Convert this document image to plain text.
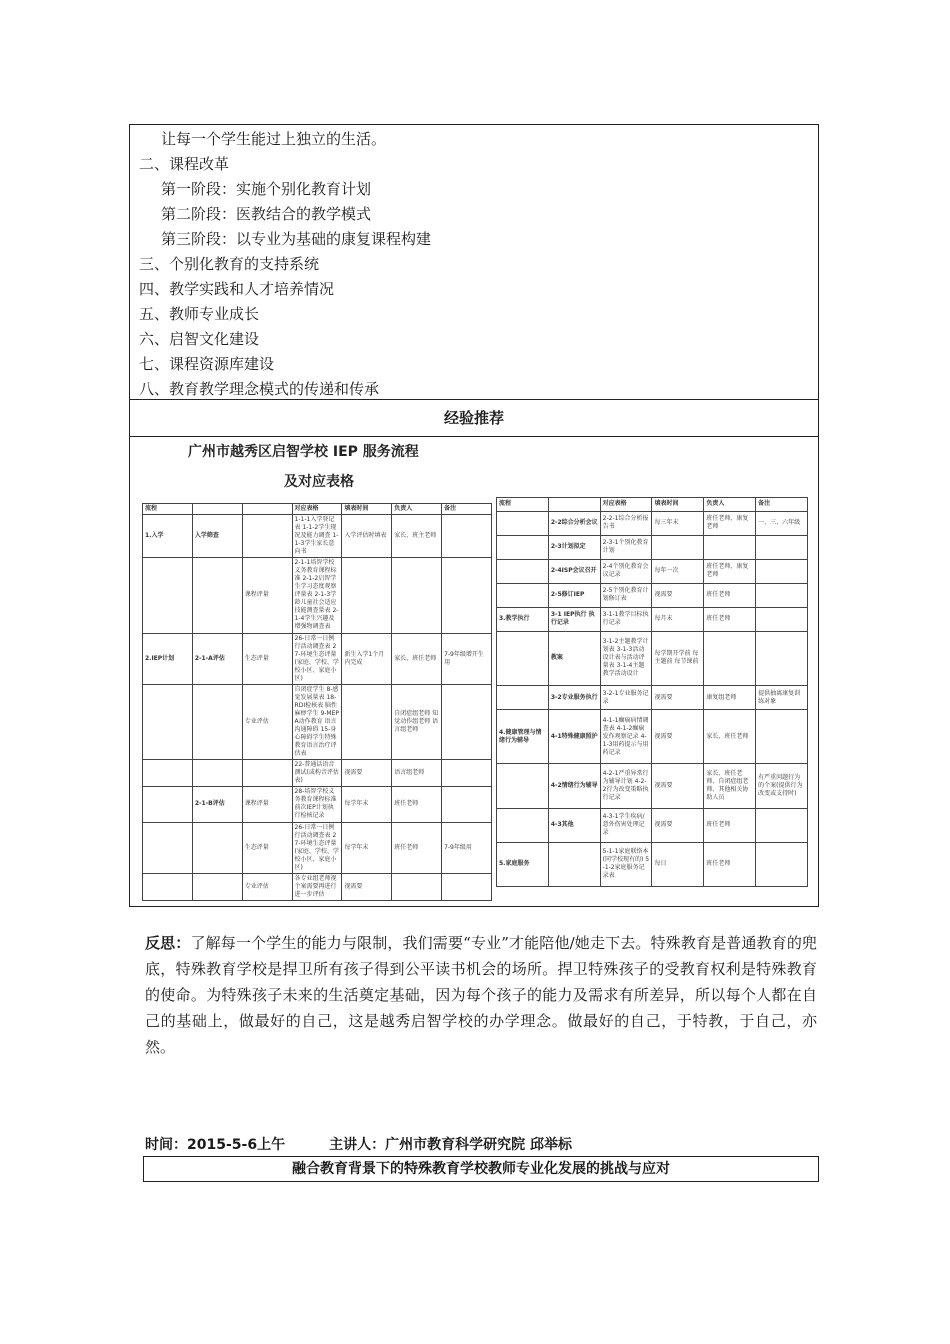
让每一个学生能过上独立的生活。
二、课程改革
第一阶段：实施个别化教育计划
第二阶段：医教结合的教学模式
第三阶段：以专业为基础的康复课程构建
三、个别化教育的支持系统
四、教学实践和人才培养情况
五、教师专业成长
六、启智文化建设
七、课程资源库建设
八、教育教学理念模式的传递和传承
经验推荐
广州市越秀区启智学校 IEP 服务流程
及对应表格
流程			对应表格	填表时间	负责人	备注
1.入学	入学筛查		1-1-1入学登记表 1-1-2学生现况及能力调查 1-1-3学生家长意向书	入学评估时填表	家长、班主老师	
		课程评量	2-1-1培智学校义务教育课程标准 2-1-2启智学生学习态度观察评量表 2-1-3学龄儿童社会适应技能测查量表 2-1-4学生兴趣及增强物调查表			
2.IEP计划	2-1-A评估	生态评量	26-日常一日例行活动调查表 27-环境生态评量(家庭、学校、学校小区、家庭小区)	新生入学1个月内完成	家长、班任老师	7-9年级增开生用
		专业评估	自闭症学生 8-感觉发展量表 18-RDI检核表 脑性麻痹学生 9-MEPA动作教育 语言沟通障碍 15-身心障碍学生特殊教育语言治疗评估表		自闭症组老师 知觉动作组老师 语言组老师	
			22-普通话语音测试(或构音评估表)	视需要	语言组老师	
	2-1-B评估	课程评量	28-培智学校义务教育课程标准 前次IEP计划执行检核记录	每学年末	班任老师	
		生态评量	26-日常一日例行活动调查表 27-环境生态评量(家庭、学校、学校小区、家庭小区)	每学年末	班任老师	7-9年级用
		专业评估	各专业组老师视个案需要再进行进一步评估	视需要		
流程		对应表格	填表时间	负责人	备注
	2-2综合分析会议	2-2-1综合分析报告书	每三年末	班任老师、康复老师	一、三、六年级
	2-3计划拟定	2-3-1个别化教育计划			
	2-4ISP会议召开	2-4个别化教育会议记录	每年一次	班任老师、康复老师	
	2-5修订IEP	2-5个别化教育计划修订表	视需要	班任老师	
3.教学执行	3-1 IEP执行 执行记录	3-1-1教学目标执行记录	每月末	班任老师	
	教案	3-1-2主题教学计划表 3-1-3活动设计表与活动评量表 3-1-4主题教学活动设计	每学期开学前 每主题前 每节课前		
	3-2专业服务执行	3-2-1专业服务记录	视需要	康复组老师	提供抽离康复训练对象
4.健康管理与情绪行为辅导	4-1特殊健康照护	4-1-1癫痫病情调查表 4-1-2癫痫发作观察记录 4-1-3用药提示与用药记录	视需要	家长、班任老师	
	4-2情绪行为辅导	4-2-1严重异常行为辅导计划 4-2-2行为改变策略执行记录	视需要	家长、班任老师、自闭症组老师、其他相关协助人员	有严重问题行为的个案(提供行为改变或支持时)
	4-3其他	4-3-1学生疾病/意外伤害处理记录	视需要	班任老师	
5.家庭服务		5-1-1家庭联络本(同学校现有的) 5-1-2家庭服务记录表	每日	班任老师	
反思：了解每一个学生的能力与限制，我们需要“专业”才能陪他/她走下去。特殊教育是普通教育的兜底，特殊教育学校是捍卫所有孩子得到公平读书机会的场所。捍卫特殊孩子的受教育权利是特殊教育的使命。为特殊孩子未来的生活奠定基础，因为每个孩子的能力及需求有所差异，所以每个人都在自己的基础上，做最好的自己，这是越秀启智学校的办学理念。做最好的自己，于特教，于自己，亦然。
时间：2015-5-6上午	主讲人：广州市教育科学研究院 邱举标
融合教育背景下的特殊教育学校教师专业化发展的挑战与应对
